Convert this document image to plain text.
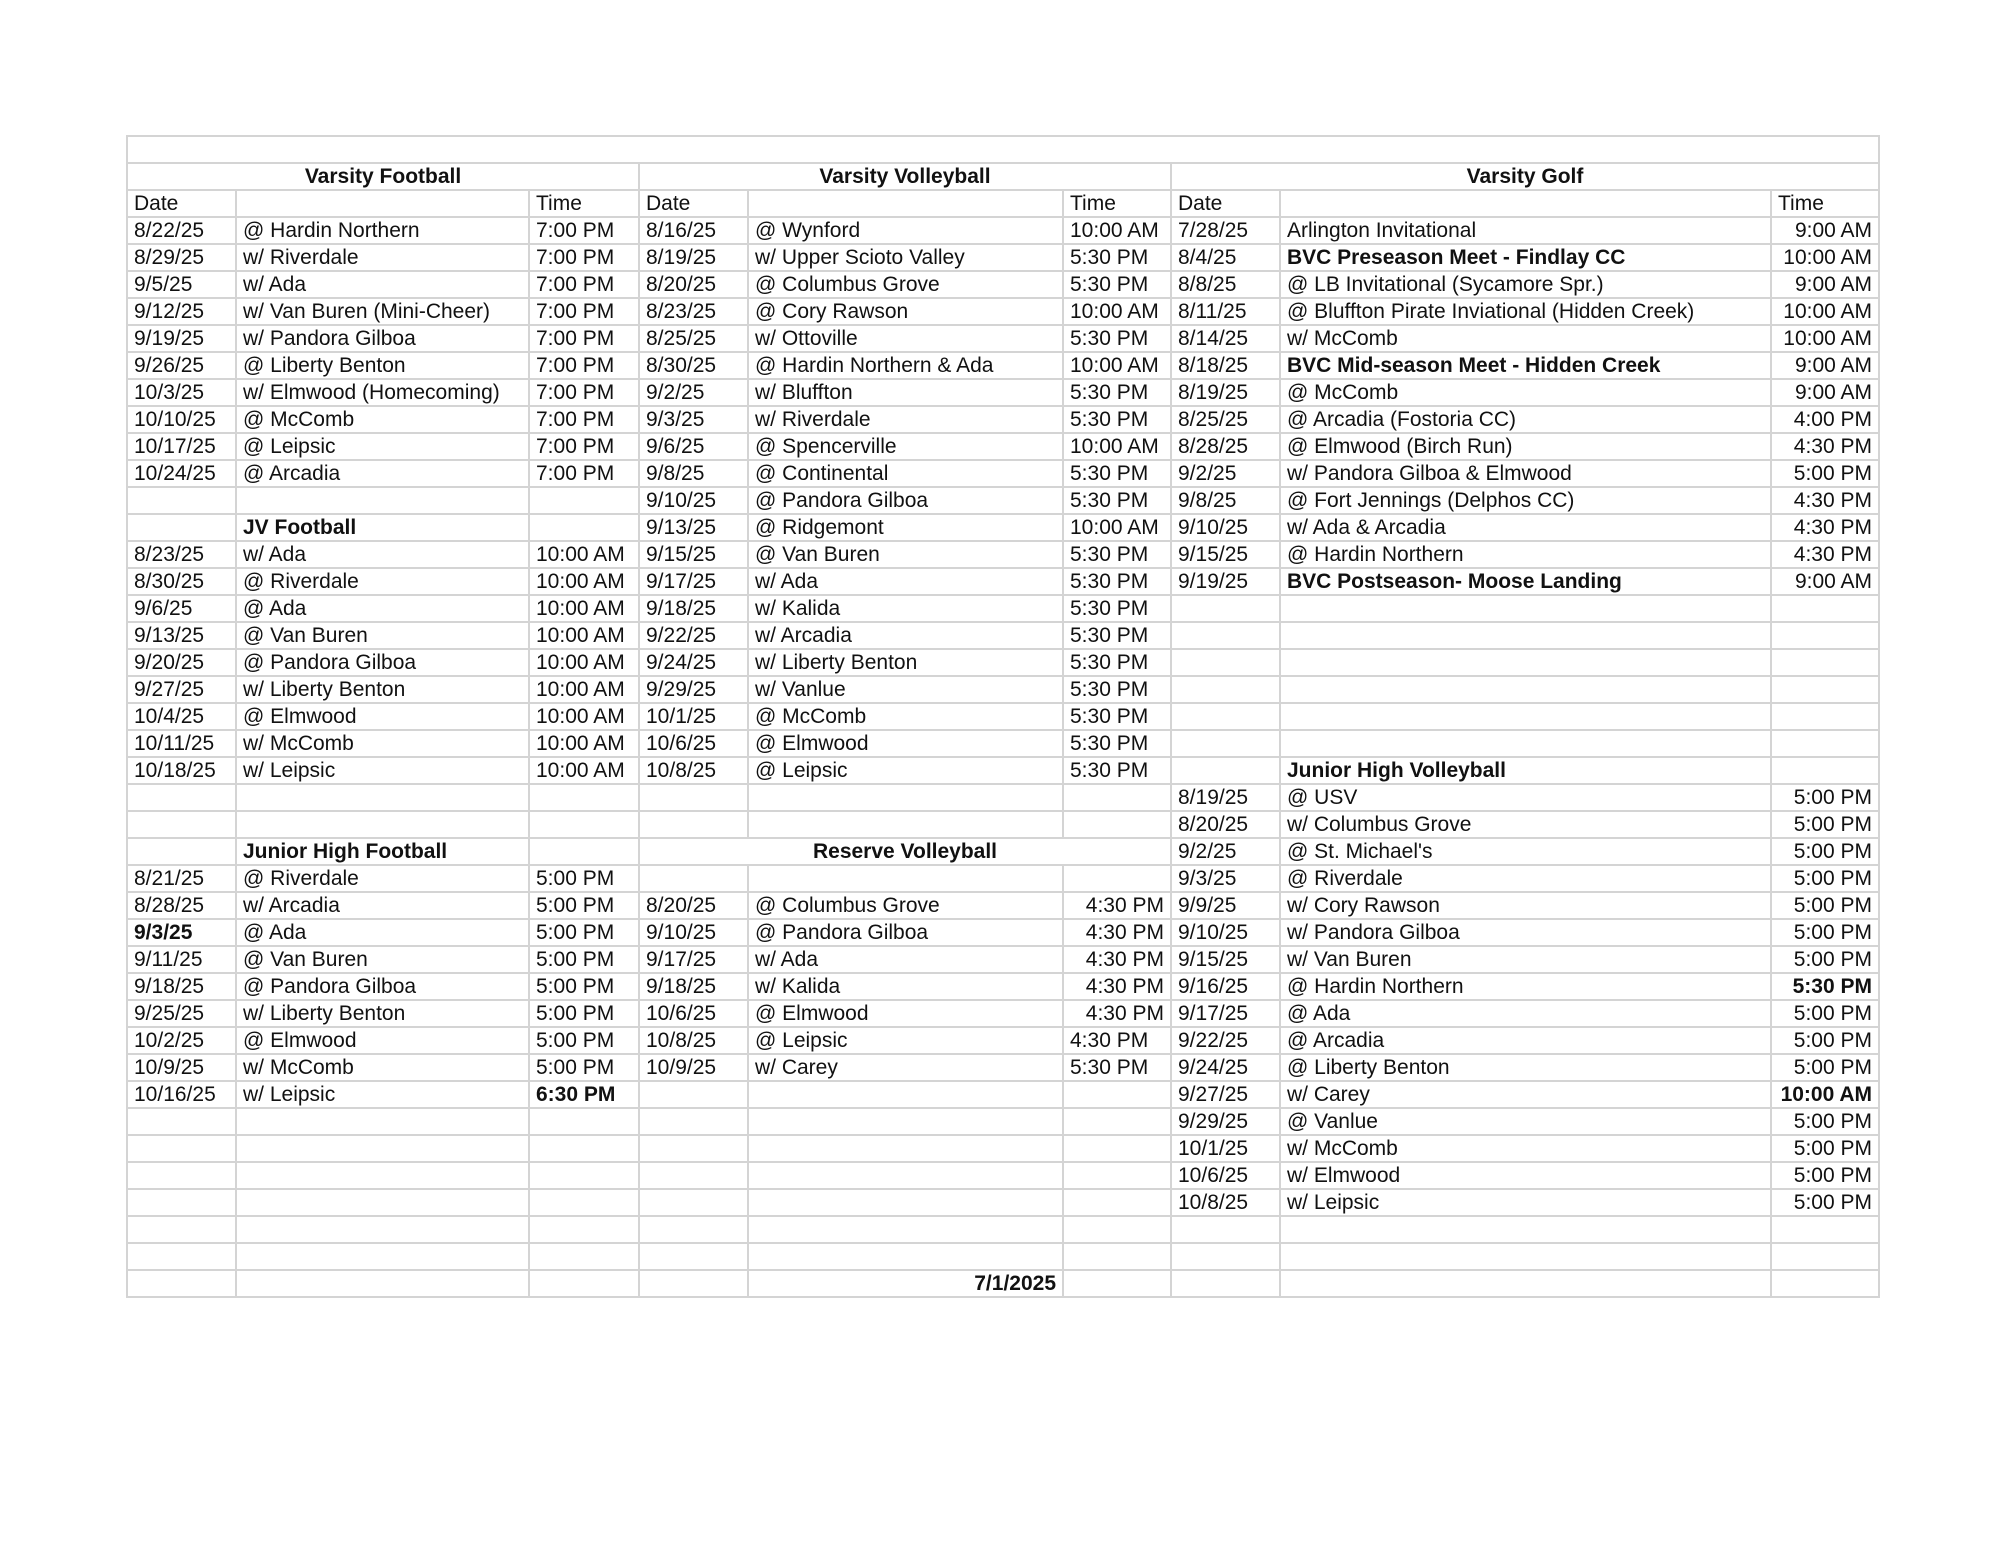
Varsity Football			Varsity Volleyball			Varsity Golf		
Date		Time	Date		Time	Date		Time
8/22/25	@ Hardin Northern	7:00 PM	8/16/25	@ Wynford	10:00 AM	7/28/25	Arlington Invitational	9:00 AM
8/29/25	w/ Riverdale	7:00 PM	8/19/25	w/ Upper Scioto Valley	5:30 PM	8/4/25	BVC Preseason Meet - Findlay CC	10:00 AM
9/5/25	w/ Ada	7:00 PM	8/20/25	@ Columbus Grove	5:30 PM	8/8/25	@ LB Invitational (Sycamore Spr.)	9:00 AM
9/12/25	w/ Van Buren (Mini-Cheer)	7:00 PM	8/23/25	@ Cory Rawson	10:00 AM	8/11/25	@ Bluffton Pirate Inviational (Hidden Creek)	10:00 AM
9/19/25	w/ Pandora Gilboa	7:00 PM	8/25/25	w/ Ottoville	5:30 PM	8/14/25	w/ McComb	10:00 AM
9/26/25	@ Liberty Benton	7:00 PM	8/30/25	@ Hardin Northern & Ada	10:00 AM	8/18/25	BVC Mid-season Meet - Hidden Creek	9:00 AM
10/3/25	w/ Elmwood (Homecoming)	7:00 PM	9/2/25	w/ Bluffton	5:30 PM	8/19/25	@ McComb	9:00 AM
10/10/25	@ McComb	7:00 PM	9/3/25	w/ Riverdale	5:30 PM	8/25/25	@ Arcadia (Fostoria CC)	4:00 PM
10/17/25	@ Leipsic	7:00 PM	9/6/25	@ Spencerville	10:00 AM	8/28/25	@ Elmwood (Birch Run)	4:30 PM
10/24/25	@ Arcadia	7:00 PM	9/8/25	@ Continental	5:30 PM	9/2/25	w/ Pandora Gilboa & Elmwood	5:00 PM
			9/10/25	@ Pandora Gilboa	5:30 PM	9/8/25	@ Fort Jennings (Delphos CC)	4:30 PM
	JV Football		9/13/25	@ Ridgemont	10:00 AM	9/10/25	w/ Ada & Arcadia	4:30 PM
8/23/25	w/ Ada	10:00 AM	9/15/25	@ Van Buren	5:30 PM	9/15/25	@ Hardin Northern	4:30 PM
8/30/25	@ Riverdale	10:00 AM	9/17/25	w/ Ada	5:30 PM	9/19/25	BVC Postseason- Moose Landing	9:00 AM
9/6/25	@ Ada	10:00 AM	9/18/25	w/ Kalida	5:30 PM			
9/13/25	@ Van Buren	10:00 AM	9/22/25	w/ Arcadia	5:30 PM			
9/20/25	@ Pandora Gilboa	10:00 AM	9/24/25	w/ Liberty Benton	5:30 PM			
9/27/25	w/ Liberty Benton	10:00 AM	9/29/25	w/ Vanlue	5:30 PM			
10/4/25	@ Elmwood	10:00 AM	10/1/25	@ McComb	5:30 PM			
10/11/25	w/ McComb	10:00 AM	10/6/25	@ Elmwood	5:30 PM			
10/18/25	w/ Leipsic	10:00 AM	10/8/25	@ Leipsic	5:30 PM		Junior High Volleyball	
						8/19/25	@ USV	5:00 PM
						8/20/25	w/ Columbus Grove	5:00 PM
	Junior High Football		Reserve Volleyball			9/2/25	@ St. Michael's	5:00 PM
8/21/25	@ Riverdale	5:00 PM				9/3/25	@ Riverdale	5:00 PM
8/28/25	w/ Arcadia	5:00 PM	8/20/25	@ Columbus Grove	4:30 PM	9/9/25	w/ Cory Rawson	5:00 PM
9/3/25	@ Ada	5:00 PM	9/10/25	@ Pandora Gilboa	4:30 PM	9/10/25	w/ Pandora Gilboa	5:00 PM
9/11/25	@ Van Buren	5:00 PM	9/17/25	w/ Ada	4:30 PM	9/15/25	w/ Van Buren	5:00 PM
9/18/25	@ Pandora Gilboa	5:00 PM	9/18/25	w/ Kalida	4:30 PM	9/16/25	@ Hardin Northern	5:30 PM
9/25/25	w/ Liberty Benton	5:00 PM	10/6/25	@ Elmwood	4:30 PM	9/17/25	@ Ada	5:00 PM
10/2/25	@ Elmwood	5:00 PM	10/8/25	@ Leipsic	4:30 PM	9/22/25	@ Arcadia	5:00 PM
10/9/25	w/ McComb	5:00 PM	10/9/25	w/ Carey	5:30 PM	9/24/25	@ Liberty Benton	5:00 PM
10/16/25	w/ Leipsic	6:30 PM				9/27/25	w/ Carey	10:00 AM
						9/29/25	@ Vanlue	5:00 PM
						10/1/25	w/ McComb	5:00 PM
						10/6/25	w/ Elmwood	5:00 PM
						10/8/25	w/ Leipsic	5:00 PM

				7/1/2025				
